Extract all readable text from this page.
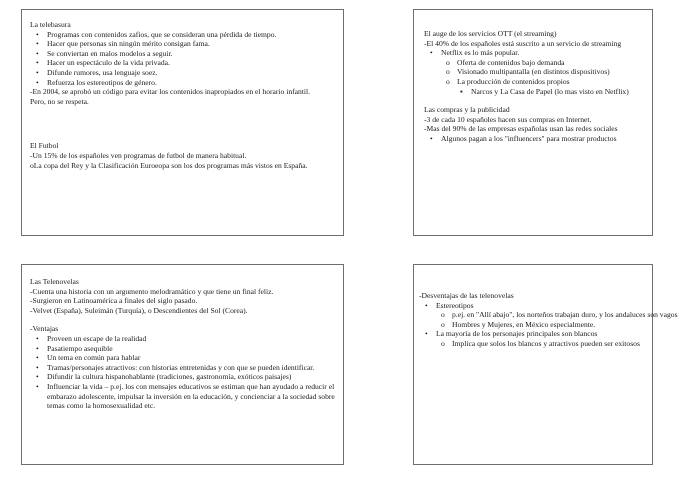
La telebasura
• Programas con contenidos zafios, que se consideran una pérdida de tiempo.
• Hacer que personas sin ningún mérito consigan fama.
• Se conviertan en malos modelos a seguir.
• Hacer un espectáculo de la vida privada.
• Difunde rumores, usa lenguaje soez.
• Refuerza los estereotipos de género.
-En 2004, se aprobó un código para evitar los contenidos inapropiados en el horario infantil.
Pero, no se respeta.
El Futbol
-Un 15% de los españoles ven programas de futbol de manera habitual.
oLa copa del Rey y la Clasificación Euroeopa son los dos programas más vistos en España.
El auge de los servicios OTT (el streaming)
-El 40% de los españoles está suscrito a un servicio de streaming
• Netflix es lo más popular.
o Oferta de contenidos bajo demanda
o Visionado multipantalla (en distintos dispositivos)
o La producción de contenidos propios
▪ Narcos y La Casa de Papel (lo mas visto en Netflix)
Las compras y la publicidad
-3 de cada 10 españoles hacen sus compras en Internet.
-Mas del 90% de las empresas españolas usan las redes sociales
• Algunos pagan a los "influencers" para mostrar productos
Las Telenovelas
-Cuenta una historia con un argumento melodramático y que tiene un final feliz.
-Surgieron en Latinoamérica a finales del siglo pasado.
-Velvet (España), Suleimán (Turquía), o Descendientes del Sol (Corea).
-Ventajas
• Proveen un escape de la realidad
• Pasatiempo asequible
• Un tema en común para hablar
• Tramas/personajes atractivos: con historias entretenidas y con que se pueden identificar.
• Difundir la cultura hispanohablante (tradiciones, gastronomía, exóticos paisajes)
•	Influenciar la vida – p.ej. los con mensajes educativos se estiman que han ayudado a reducir el embarazo adolescente, impulsar la inversión en la educación, y concienciar a la sociedad sobre temas como la homosexualidad etc.
-Desventajas de las telenovelas
• Estereotipos
o p.ej. en "Allí abajo", los norteños trabajan duro, y los andaluces son vagos
o Hombres y Mujeres, en México especialmente.
• La mayoría de los personajes principales son blancos
o Implica que solos los blancos y atractivos pueden ser exitosos
